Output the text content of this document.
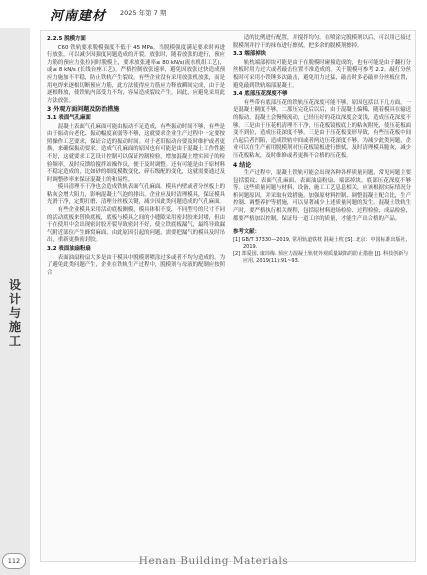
河南建材 2025 年第 7 期
设计与施工
112
2.2.5 脱模方面

C60 铁轨要求脱模强度不低于 45 MPa。当脱模强度满足要求时再进行放张，可以减少因强度问题造成的开裂。放张时，随着放张的进行，预应力筋的预应力张拉同时脱模上，要求放张速率≤ 80 kN/s(流水机组工艺)，或≤ 8 kN/s (长线台座工艺)，严格控制放张速率，避免因放张过快造成预应力施加不平稳，防止铁轨产生裂纹。有些企业没有采用放张机放张，而是用电焊来逐根切断预应力筋，此方法使得应力筋应力释放瞬间完成，由于是逐根释放，使铁轨内部受力不均，容易造成裂纹产生。因此，应避免采用此方法放张。

3 外观方面问题及防治措施
3.1 表面气孔麻面

混凝土表面气孔麻面可能由振动不足造成，有些振动时间不够，有些是由于振动台老化、振动幅度衰弱等不够，这就要求企业生产过程中一定要按照操作工艺要求，保证合适的振动时间。对于老旧振动台要及时维护或者更换，来确保振动要求。造成气孔麻面的原因也有可能是由于混凝土工作性能不好，这就要求工艺设计控制可以保证控制检验，增加混凝土增实因子的检验频率，及时反馈给搅拌站操作员，便于及时调整。还有可能是由于原材料不稳定造成的，比如砂的细度模数变化，碎石级配的变化，这就需要通过及时调整砂率来保证混凝土的和易性。

模具清理不干净也会造成铁轨表面气孔麻面。模具内壁或者分丝板上的粘灰会增大阻力，影响混凝土气泡的排出。企业应及时清理模具，保证模具光滑干净，定期打磨、清理分丝板关键，减少因此类问题造成的气孔麻面。

有些企业模具采用活动底板侧模，模具体积不变，不同型号的尺寸不同的活动底板来替换底板，底板与模具之间的小缝隙采用密封胶来封堵，但由于在使用中会出现密封胶开裂导致密封不好，使立铁底板漏气，最终导致漏气附近部位产生蜂窝麻面。由此原因引起的问题，需要把漏气的模具及时吊出，重新更换密封胶。

3.2 表面油扇粉扇

表面油扇粉扇大多是由于模具中脱模剂喷涂过多或者不均匀造成的。为了避免此类问题产生，企业在铁轨生产过程中，脱模剂与母液的配制应按照合

适的比例进行配置，并搅拌均匀。在喷涂完脱模剂以后，可以用已接过脱模剂并拧干的抹布进行擦拭，把多余的脱模剂擦掉。

3.3 端部掉块

轨枕端部掉块可能是由于在脱模时碰撞造成的，也有可能是由于翻打分丝板时用力过大或者敲击位置不准造成的。关于脱模可参考 2.2。敲打分丝板时可采用小铁锤多次敲击，避免用力过猛，敲击时多必敲单分丝板位置，避免敲到铁轨端部混凝土。

3.4 底部压花深度不够

有些带有底部压花的铁轨压花深度可能不够，原因包括以下几方面。一是混凝土稠度不够，二那压完花后以后，由于混凝土偏稀，随着模具在输送的振动，混凝土会慢慢流动，已经压好的花纹深度会变浅，造成压花深度不够。三是由于压花机清理不干净，压花板镜板底上的粘灰附死，使压花板面变不到位，造成压花深度不够。三是由于压花板变形导致，有些压花板中间凸起后者凹陷，造成铁轨中间或者两边压花深度不够。为减少此类问题，企业可以在生产前用脱模剂对压花板镜板进行擦拭，及时清理模具脆灰，减少压花板粘灰，及时维修或者更换不合格的压花板。

4 结论

生产过程中，混凝土铁轨可能会出现各种各样质量问题，常见问题主要包括裂纹、表面气孔麻面、表面油扇粉扇、端部掉块、底部压花深度不够等。这些质量问题与材料、设备、施工工艺息息相关，应该根据实际情况分析问题原因，并采取有效措施。加强原材料控制、调整混凝土配合比，生产控制、调整养护等措施，可以显著减少上述质量问题的发生。混凝土铁轨生产时，要严格执行相关规程，包括原材料进场检验、过程检验、成品检验，都要严格加以控制，保证每一道工序的质量，才能生产出合格的产品。

参考文献：

[1] GB/T 37330—2019, 常用轨道铁枕 混凝土枕 [S]. 北京：中国标准出版社, 2019.

[2] 郑爱国, 康玮梅. 预应力混凝土轨枕外观质量缺陷的防止措施 [J]. 科技创新与应用, 2019(11):91~93.

Henan Building Materials
